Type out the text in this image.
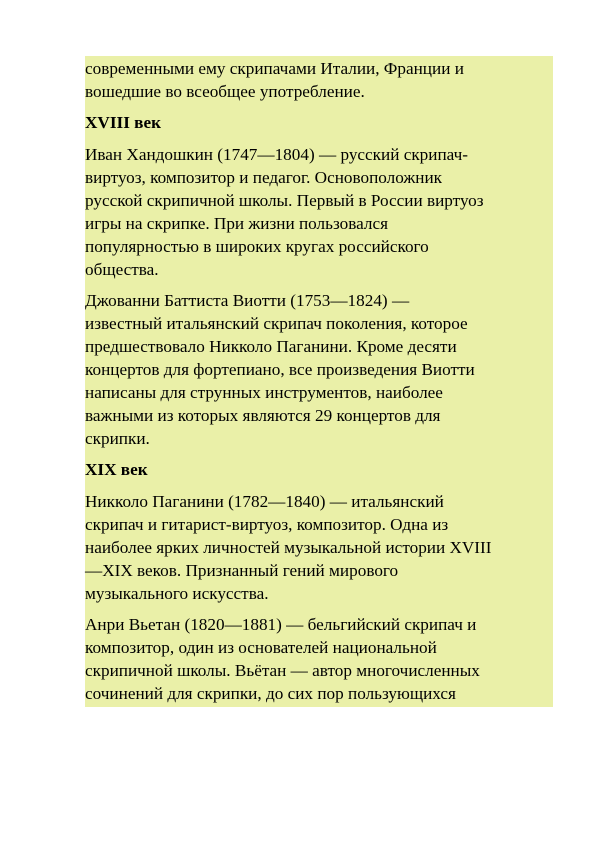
современными ему скрипачами Италии, Франции и
вошедшие во всеобщее употребление.

XVIII век

Иван Хандошкин (1747—1804) — русский скрипач-
виртуоз, композитор и педагог. Основоположник
русской скрипичной школы. Первый в России виртуоз
игры на скрипке. При жизни пользовался
популярностью в широких кругах российского
общества.

Джованни Баттиста Виотти (1753—1824) —
известный итальянский скрипач поколения, которое
предшествовало Никколо Паганини. Кроме десяти
концертов для фортепиано, все произведения Виотти
написаны для струнных инструментов, наиболее
важными из которых являются 29 концертов для
скрипки.

XIX век

Никколо Паганини (1782—1840) — итальянский
скрипач и гитарист-виртуоз, композитор. Одна из
наиболее ярких личностей музыкальной истории XVIII
—XIX веков. Признанный гений мирового
музыкального искусства.

Анри Вьетан (1820—1881) — бельгийский скрипач и
композитор, один из основателей национальной
скрипичной школы. Вьётан — автор многочисленных
сочинений для скрипки, до сих пор пользующихся
